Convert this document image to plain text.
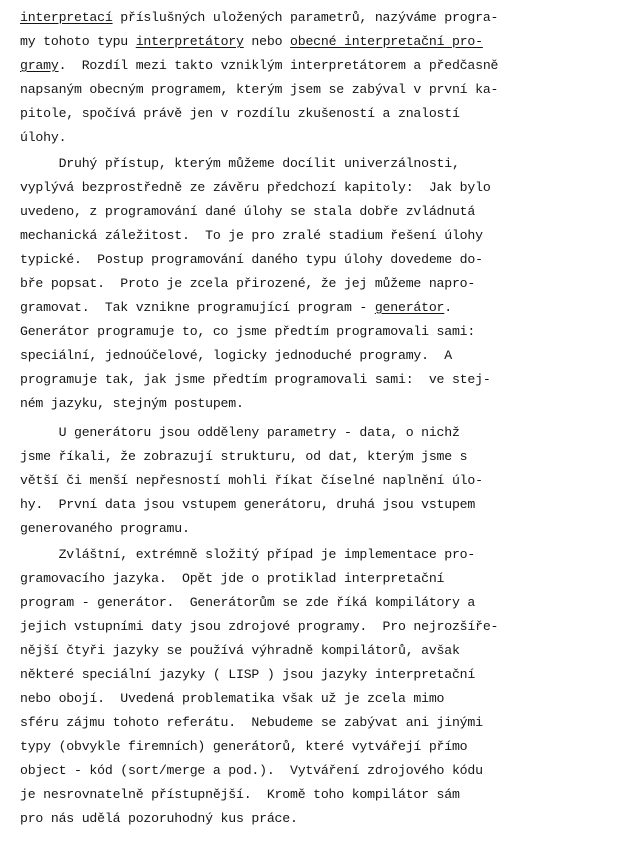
interpretací příslušných uložených parametrů, nazýváme progra-
my tohoto typu interpretátory nebo obecné interpretační pro-
gramy.  Rozdíl mezi takto vzniklým interpretátorem a předčasně
napsaným obecným programem, kterým jsem se zabýval v první ka-
pitole, spočívá právě jen v rozdílu zkušeností a znalostí
úlohy.
Druhý přístup, kterým můžeme docílit univerzálnosti,
vyplývá bezprostředně ze závěru předchozí kapitoly:  Jak bylo
uvedeno, z programování dané úlohy se stala dobře zvládnutá
mechanická záležitost.  To je pro zralé stadium řešení úlohy
typické.  Postup programování daného typu úlohy dovedeme do-
bře popsat.  Proto je zcela přirozené, že jej můžeme napro-
gramovat.  Tak vznikne programující program - generátor.
Generátor programuje to, co jsme předtím programovali sami:
speciální, jednoúčelové, logicky jednoduché programy.  A
programuje tak, jak jsme předtím programovali sami:  ve stej-
ném jazyku, stejným postupem.
U generátoru jsou odděleny parametry - data, o nichž
jsme říkali, že zobrazují strukturu, od dat, kterým jsme s
větší či menší nepřesností mohli říkat číselné naplnění úlo-
hy.  První data jsou vstupem generátoru, druhá jsou vstupem
generovaného programu.
Zvláštní, extrémně složitý případ je implementace pro-
gramovacího jazyka.  Opět jde o protiklad interpretační
program - generátor.  Generátorům se zde říká kompilátory a
jejich vstupními daty jsou zdrojové programy.  Pro nejrozšíře-
nější čtyři jazyky se používá výhradně kompilátorů, avšak
některé speciální jazyky ( LISP ) jsou jazyky interpretační
nebo obojí.  Uvedená problematika však už je zcela mimo
sféru zájmu tohoto referátu.  Nebudeme se zabývat ani jinými
typy (obvykle firemních) generátorů, které vytvářejí přímo
object - kód (sort/merge a pod.).  Vytváření zdrojového kódu
je nesrovnatelně přístupnější.  Kromě toho kompilátor sám
pro nás udělá pozoruhodný kus práce.
